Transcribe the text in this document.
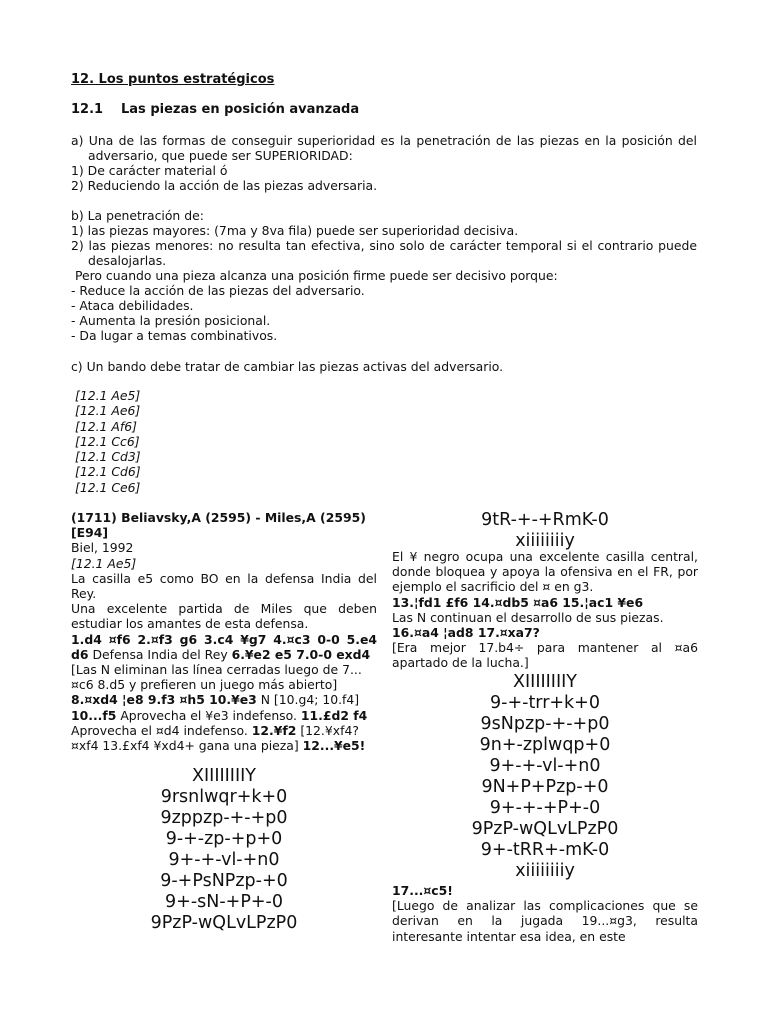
12. Los puntos estratégicos
12.1 Las piezas en posición avanzada

a) Una de las formas de conseguir superioridad es la penetración de las piezas en la posición del adversario, que puede ser SUPERIORIDAD:

1) De carácter material ó

2) Reduciendo la acción de las piezas adversaria.

b) La penetración de:

1) las piezas mayores: (7ma y 8va fila) puede ser superioridad decisiva.

2) las piezas menores: no resulta tan efectiva, sino solo de carácter temporal si el contrario puede desalojarlas.

Pero cuando una pieza alcanza una posición firme puede ser decisivo porque:

- Reduce la acción de las piezas del adversario.

- Ataca debilidades.

- Aumenta la presión posicional.

- Da lugar a temas combinativos.

c) Un bando debe tratar de cambiar las piezas activas del adversario.

[12.1 Ae5]
[12.1 Ae6]
[12.1 Af6]
[12.1 Cc6]
[12.1 Cd3]
[12.1 Cd6]
[12.1 Ce6]

(1711) Beliavsky,A (2595) - Miles,A (2595) [E94]

Biel, 1992

[12.1 Ae5]

La casilla e5 como BO en la defensa India del Rey.

Una excelente partida de Miles que deben estudiar los amantes de esta defensa.

1.d4 ¤f6 2.¤f3 g6 3.c4 ¥g7 4.¤c3 0-0 5.e4 d6 Defensa India del Rey 6.¥e2 e5 7.0-0 exd4

[Las N eliminan las línea cerradas luego de 7...¤c6 8.d5 y prefieren un juego más abierto]

8.¤xd4 ¦e8 9.f3 ¤h5 10.¥e3 N [10.g4; 10.f4] 10...f5 Aprovecha el ¥e3 indefenso. 11.£d2 f4

Aprovecha el ¤d4 indefenso. 12.¥f2 [12.¥xf4? ¤xf4 13.£xf4 ¥xd4+ gana una pieza] 12...¥e5!

XIIIIIIIIY
9rsnlwqr+k+0
9zppzp-+-+p0
9-+-zp-+p+0
9+-+-vl-+n0
9-+PsNPzp-+0
9+-sN-+P+-0
9PzP-wQLvLPzP0
9tR-+-+RmK-0
xiiiiiiiiy

El ¥ negro ocupa una excelente casilla central, donde bloquea y apoya la ofensiva en el FR, por ejemplo el sacrificio del ¤ en g3.

13.¦fd1 £f6 14.¤db5 ¤a6 15.¦ac1 ¥e6

Las N continuan el desarrollo de sus piezas.

16.¤a4 ¦ad8 17.¤xa7?

[Era mejor 17.b4÷ para mantener al ¤a6 apartado de la lucha.]

XIIIIIIIIY
9-+-trr+k+0
9sNpzp-+-+p0
9n+-zplwqp+0
9+-+-vl-+n0
9N+P+Pzp-+0
9+-+-+P+-0
9PzP-wQLvLPzP0
9+-tRR+-mK-0
xiiiiiiiiy

17...¤c5!

[Luego de analizar las complicaciones que se derivan en la jugada 19...¤g3, resulta interesante intentar esa idea, en este
